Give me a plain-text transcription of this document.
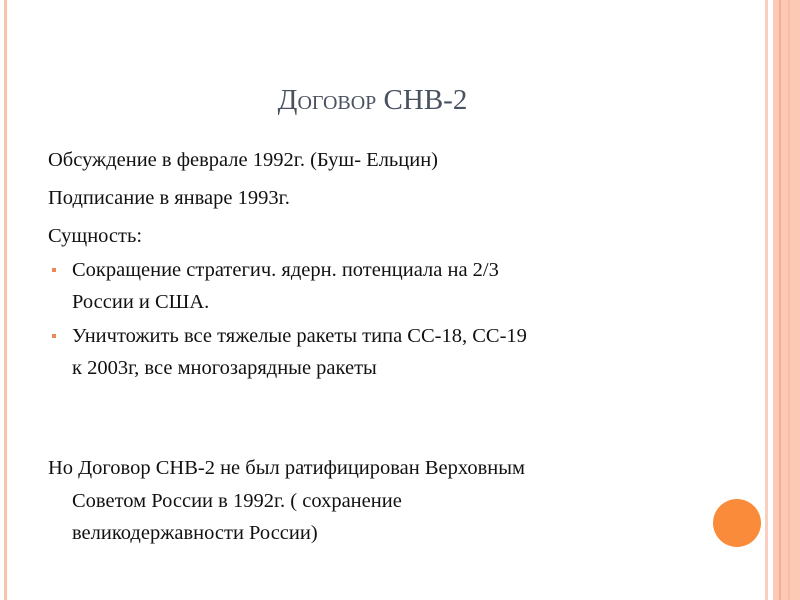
Договор СНВ-2
Обсуждение в феврале 1992г. (Буш- Ельцин)
Подписание в январе 1993г.
Сущность:
Сокращение стратегич. ядерн. потенциала на 2/3
России и США.
Уничтожить все тяжелые ракеты типа СС-18, СС-19
к 2003г, все многозарядные ракеты
Но Договор СНВ-2 не был ратифицирован Верховным
Советом России в 1992г. ( сохранение
великодержавности России)
